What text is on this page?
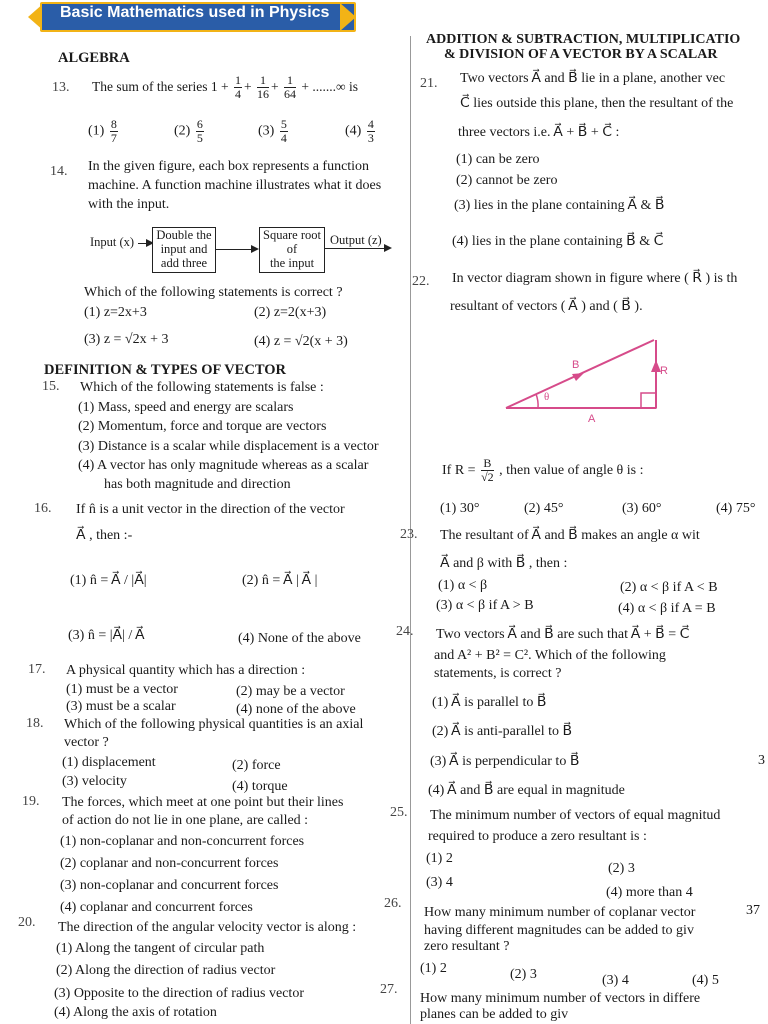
Basic Mathematics used in Physics
ALGEBRA
13. The sum of the series $1 + \frac{1}{4} + \frac{1}{16} + \frac{1}{64}$ + .......∞ is
$(1) \frac{8}{7}$	$(2) \frac{6}{5}$	$(3) \frac{5}{4}$	$(4) \frac{4}{3}$
14. In the given figure, each box represents a function
machine. A function machine illustrates what it does
with the input.
Input (x) Double the
input and
add three
Square root
of
the input
Output (z)
Which of the following statements is correct ?
(1) z=2x+3	(2) z=2(x+3)
(3) z = √2x + 3	(4) z = √2(x + 3)
DEFINITION & TYPES OF VECTOR
15. Which of the following statements is false :
(1) Mass, speed and energy are scalars
(2) Momentum, force and torque are vectors
(3) Distance is a scalar while displacement is a vector
(4) A vector has only magnitude whereas as a scalar
has both magnitude and direction
16. If n̂ is a unit vector in the direction of the vector
A⃗ , then :-
(1) n̂ = A⃗ / |A⃗|	(2) n̂ = A⃗ | A⃗ |
(3) n̂ = |A⃗| / A⃗	(4) None of the above
17. A physical quantity which has a direction :
(1) must be a vector	(2) may be a vector
(3) must be a scalar	(4) none of the above
18. Which of the following physical quantities is an axial
vector ?
(1) displacement	(2) force
(3) velocity	(4) torque
19. The forces, which meet at one point but their lines
of action do not lie in one plane, are called :
(1) non-coplanar and non-concurrent forces
(2) coplanar and non-concurrent forces
(3) non-coplanar and concurrent forces
(4) coplanar and concurrent forces
20. The direction of the angular velocity vector is along :
(1) Along the tangent of circular path
(2) Along the direction of radius vector
(3) Opposite to the direction of radius vector
(4) Along the axis of rotation
ADDITION & SUBTRACTION, MULTIPLICATIO
& DIVISION OF A VECTOR BY A SCALAR
21. Two vectors A⃗ and B⃗ lie in a plane, another vec
C⃗ lies outside this plane, then the resultant of the
three vectors i.e. A⃗ + B⃗ + C⃗ :
(1) can be zero
(2) cannot be zero
(3) lies in the plane containing A⃗ & B⃗
(4) lies in the plane containing B⃗ & C⃗
22. In vector diagram shown in figure where ( R⃗ ) is th
resultant of vectors ( A⃗ ) and ( B⃗ ).
B	R
A
θ
If $R = \frac{B}{√2}$ , then value of angle θ is :
(1) 30°	(2) 45°	(3) 60°	(4) 75°
23. The resultant of A⃗ and B⃗ makes an angle α wit
A⃗ and β with B⃗ , then :
(1) α < β	(2) α < β if A < B
(3) α < β if A > B	(4) α < β if A = B
24. Two vectors A⃗ and B⃗ are such that A⃗ + B⃗ = C⃗
and A² + B² = C². Which of the following
statements, is correct ?
(1) A⃗ is parallel to B⃗
(2) A⃗ is anti-parallel to B⃗
(3) A⃗ is perpendicular to B⃗
(4) A⃗ and B⃗ are equal in magnitude
3
25. The minimum number of vectors of equal magnitud
required to produce a zero resultant is :
(1) 2
(2) 3
(3) 4
(4) more than 4
26.
How many minimum number of coplanar vector
having different magnitudes can be added to giv
zero resultant ?
(1) 2	(2) 3	(3) 4	(4) 5
37
27.
How many minimum number of vectors in differe
planes can be added to giv
